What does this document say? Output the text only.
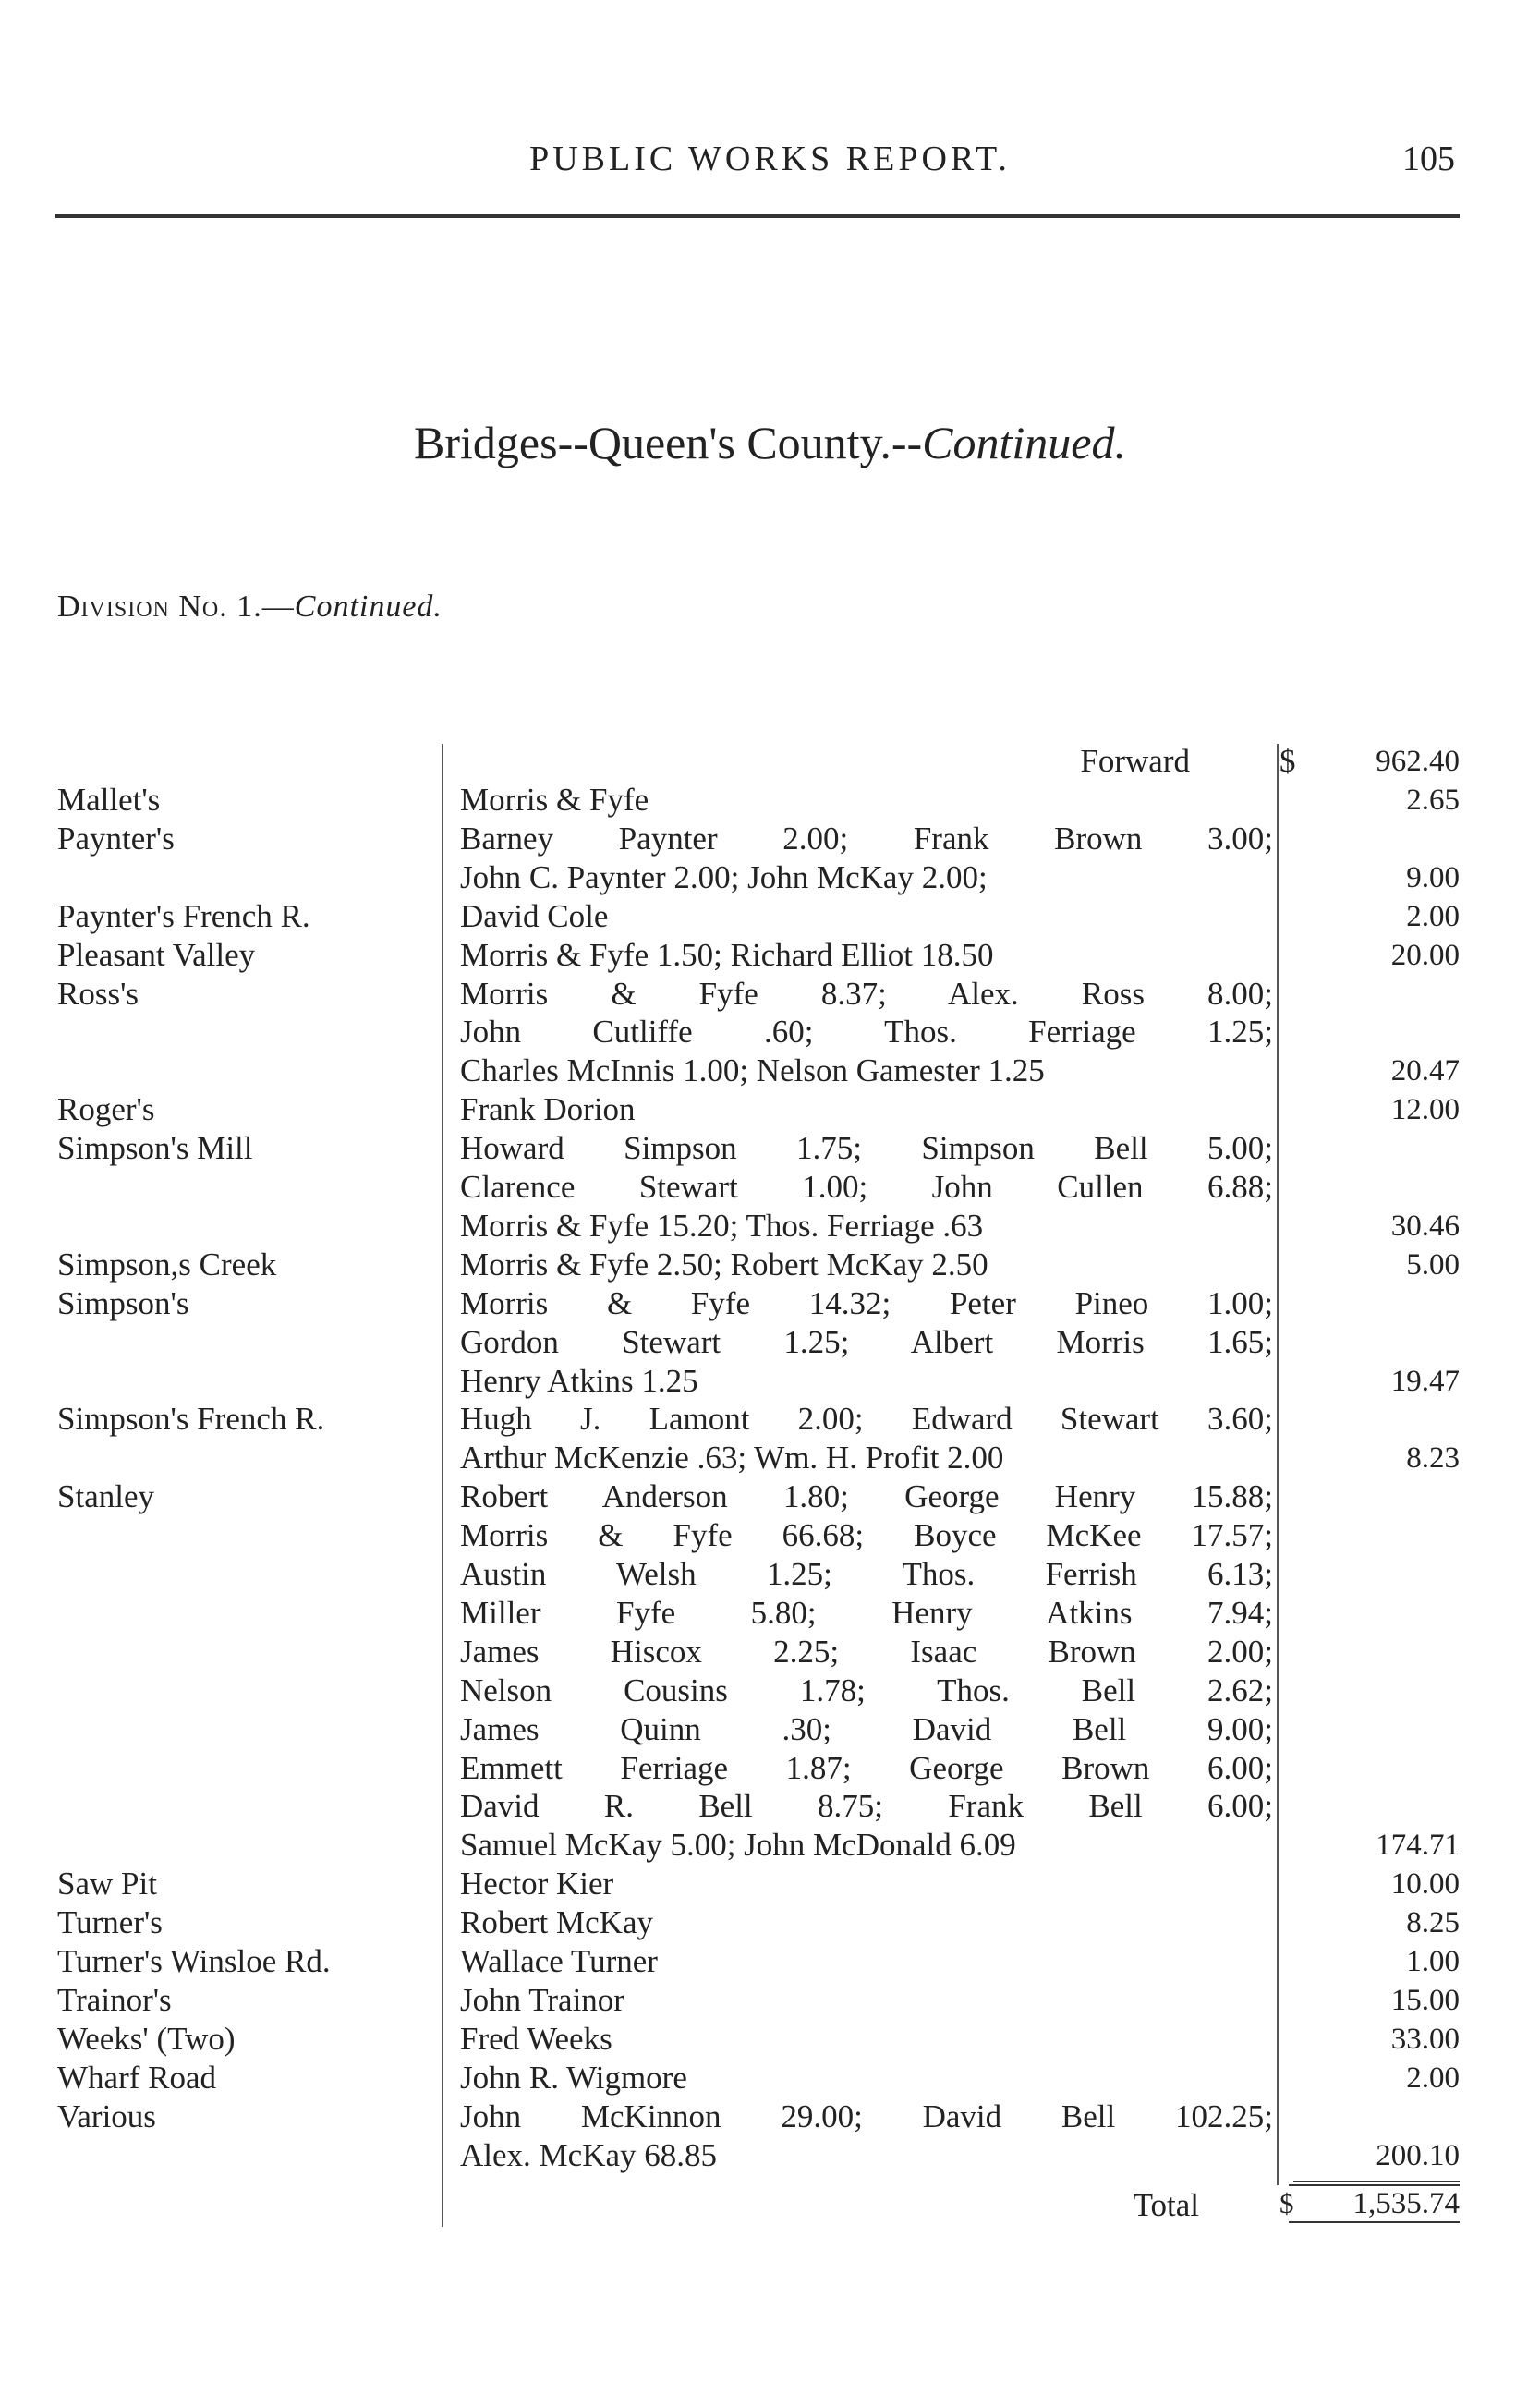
PUBLIC WORKS REPORT.	105
Bridges--Queen's County.--Continued.
Division No. 1.—Continued.
Forward	$	962.40
Mallet's	Morris & Fyfe	2.65
Paynter's	Barney Paynter 2.00; Frank Brown 3.00;
John C. Paynter 2.00; John McKay 2.00;	9.00
Paynter's French R.	David Cole	2.00
Pleasant Valley	Morris & Fyfe 1.50; Richard Elliot 18.50	20.00
Ross's	Morris & Fyfe 8.37; Alex. Ross 8.00;
John Cutliffe .60; Thos. Ferriage 1.25;
Charles McInnis 1.00; Nelson Gamester 1.25	20.47
Roger's	Frank Dorion	12.00
Simpson's Mill	Howard Simpson 1.75; Simpson Bell 5.00;
Clarence Stewart 1.00; John Cullen 6.88;
Morris & Fyfe 15.20; Thos. Ferriage .63	30.46
Simpson,s Creek	Morris & Fyfe 2.50; Robert McKay 2.50	5.00
Simpson's	Morris & Fyfe 14.32; Peter Pineo 1.00;
Gordon Stewart 1.25; Albert Morris 1.65;
Henry Atkins 1.25	19.47
Simpson's French R.	Hugh J. Lamont 2.00; Edward Stewart 3.60;
Arthur McKenzie .63; Wm. H. Profit 2.00	8.23
Stanley	Robert Anderson 1.80; George Henry 15.88;
Morris & Fyfe 66.68; Boyce McKee 17.57;
Austin Welsh 1.25; Thos. Ferrish 6.13;
Miller Fyfe 5.80; Henry Atkins 7.94;
James Hiscox 2.25; Isaac Brown 2.00;
Nelson Cousins 1.78; Thos. Bell 2.62;
James Quinn .30; David Bell 9.00;
Emmett Ferriage 1.87; George Brown 6.00;
David R. Bell 8.75; Frank Bell 6.00;
Samuel McKay 5.00; John McDonald 6.09	174.71
Saw Pit	Hector Kier	10.00
Turner's	Robert McKay	8.25
Turner's Winsloe Rd.	Wallace Turner	1.00
Trainor's	John Trainor	15.00
Weeks' (Two)	Fred Weeks	33.00
Wharf Road	John R. Wigmore	2.00
Various	John McKinnon 29.00; David Bell 102.25;
Alex. McKay 68.85	200.10
Total	$	1,535.74
